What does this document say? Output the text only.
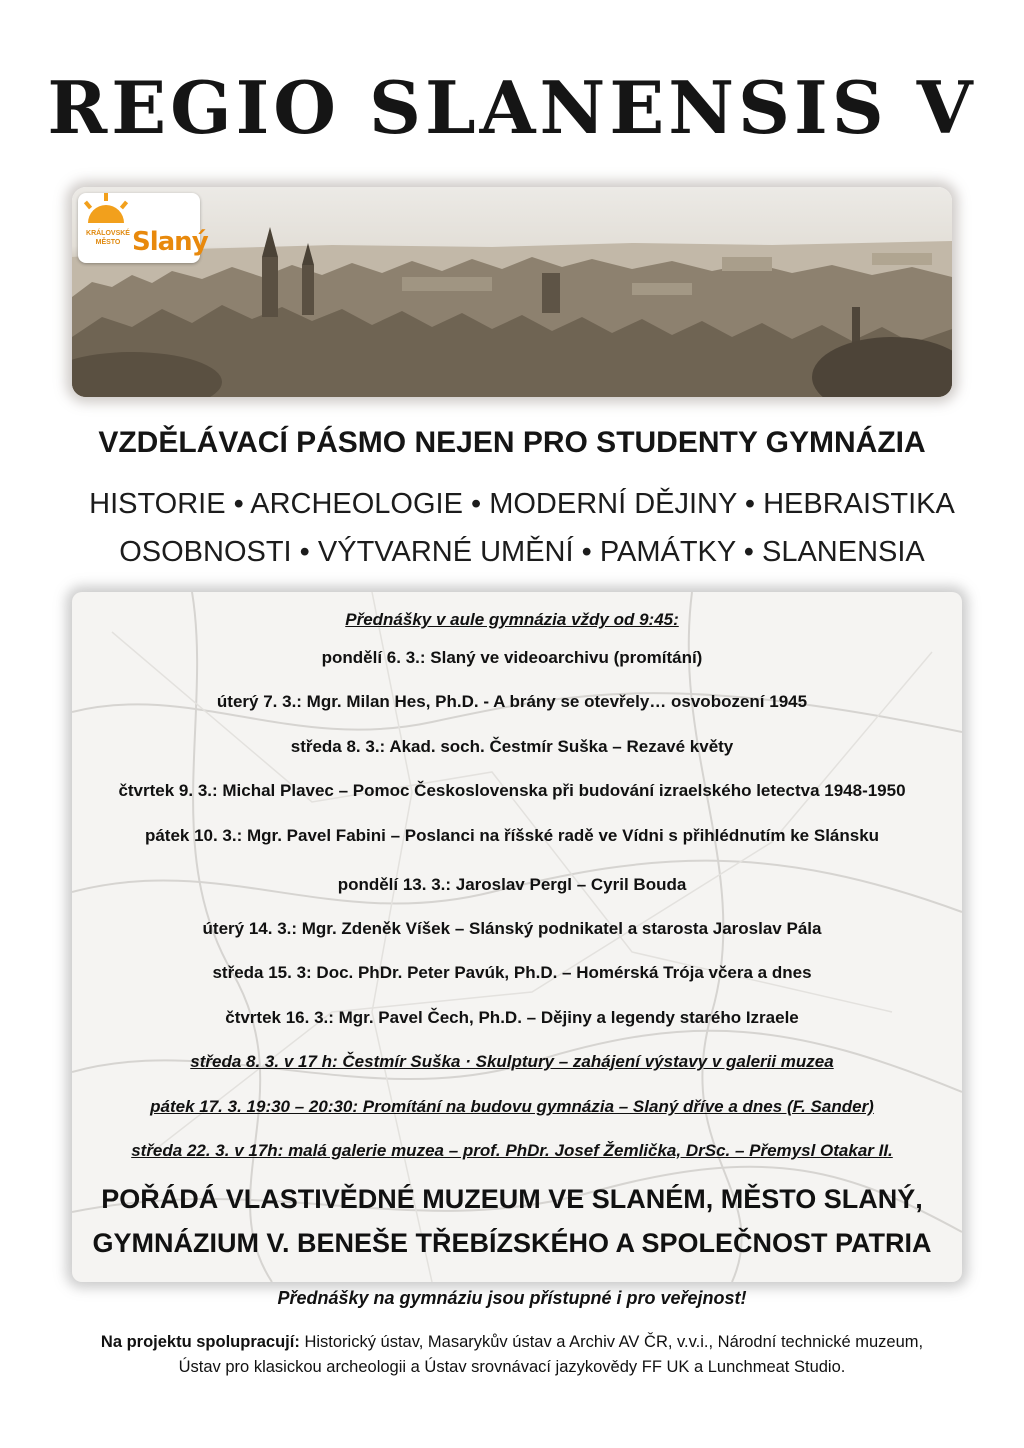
REGIO SLANENSIS V
KRÁLOVSKÉ
MĚSTO Slaný
VZDĚLÁVACÍ PÁSMO NEJEN PRO STUDENTY GYMNÁZIA

HISTORIE • ARCHEOLOGIE • MODERNÍ DĚJINY • HEBRAISTIKA

OSOBNOSTI • VÝTVARNÉ UMĚNÍ • PAMÁTKY • SLANENSIA

Přednášky v aule gymnázia vždy od 9:45:
pondělí 6. 3.: Slaný ve videoarchivu (promítání)
úterý 7. 3.: Mgr. Milan Hes, Ph.D. - A brány se otevřely… osvobození 1945
středa 8. 3.: Akad. soch. Čestmír Suška – Rezavé květy
čtvrtek 9. 3.: Michal Plavec – Pomoc Československa při budování izraelského letectva 1948-1950
pátek 10. 3.: Mgr. Pavel Fabini – Poslanci na říšské radě ve Vídni s přihlédnutím ke Slánsku
pondělí 13. 3.: Jaroslav Pergl – Cyril Bouda
úterý 14. 3.: Mgr. Zdeněk Víšek – Slánský podnikatel a starosta Jaroslav Pála
středa 15. 3: Doc. PhDr. Peter Pavúk, Ph.D. – Homérská Trója včera a dnes
čtvrtek 16. 3.: Mgr. Pavel Čech, Ph.D. – Dějiny a legendy starého Izraele
středa 8. 3. v 17 h: Čestmír Suška · Skulptury – zahájení výstavy v galerii muzea
pátek 17. 3. 19:30 – 20:30: Promítání na budovu gymnázia – Slaný dříve a dnes (F. Sander)
středa 22. 3. v 17h: malá galerie muzea – prof. PhDr. Josef Žemlička, DrSc. – Přemysl Otakar II.
POŘÁDÁ VLASTIVĚDNÉ MUZEUM VE SLANÉM, MĚSTO SLANÝ,
GYMNÁZIUM V. BENEŠE TŘEBÍZSKÉHO A SPOLEČNOST PATRIA
Přednášky na gymnáziu jsou přístupné i pro veřejnost!
Na projektu spolupracují: Historický ústav, Masarykův ústav a Archiv AV ČR, v.v.i., Národní technické muzeum, Ústav pro klasickou archeologii a Ústav srovnávací jazykovědy FF UK a Lunchmeat Studio.
